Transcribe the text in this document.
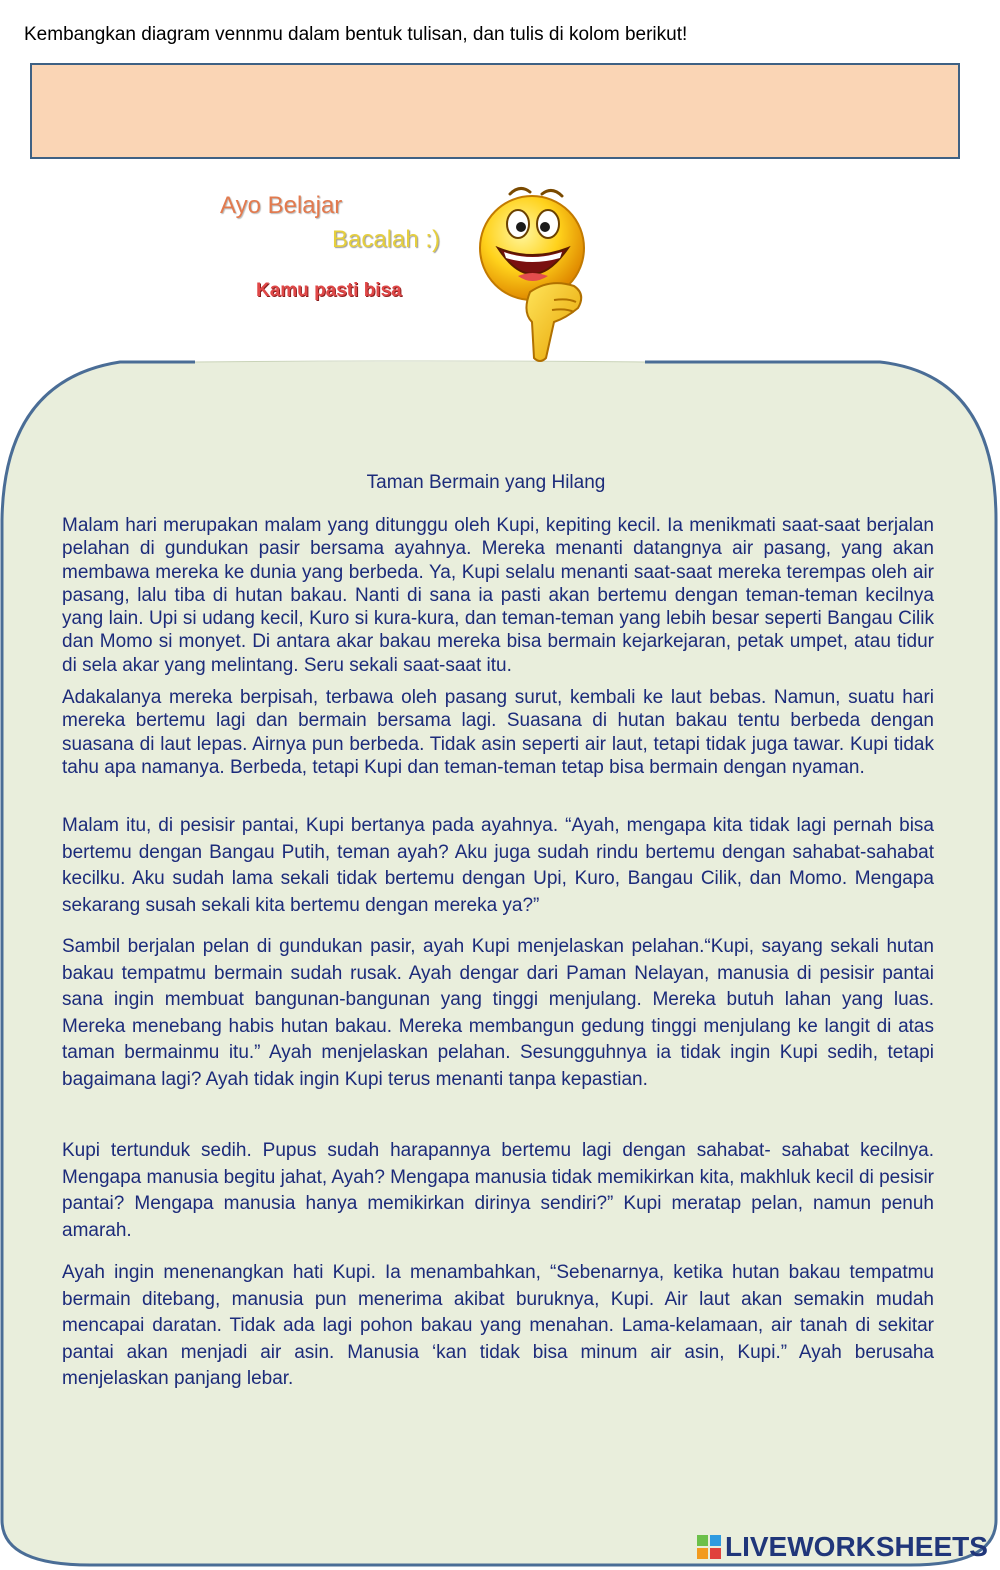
Kembangkan diagram vennmu dalam bentuk tulisan, dan tulis di kolom berikut!
Ayo Belajar
Bacalah :)
Kamu pasti bisa
Taman Bermain yang Hilang

Malam hari merupakan malam yang ditunggu oleh Kupi, kepiting kecil. Ia menikmati saat-saat berjalan pelahan di gundukan pasir bersama ayahnya. Mereka menanti datangnya air pasang, yang akan membawa mereka ke dunia yang berbeda. Ya, Kupi selalu menanti saat-saat mereka terempas oleh air pasang, lalu tiba di hutan bakau. Nanti di sana ia pasti akan bertemu dengan teman-teman kecilnya yang lain. Upi si udang kecil, Kuro si kura-kura, dan teman-teman yang lebih besar seperti Bangau Cilik dan Momo si monyet. Di antara akar bakau mereka bisa bermain kejarkejaran, petak umpet, atau tidur di sela akar yang melintang. Seru sekali saat-saat itu.

Adakalanya mereka berpisah, terbawa oleh pasang surut, kembali ke laut bebas. Namun, suatu hari mereka bertemu lagi dan bermain bersama lagi. Suasana di hutan bakau tentu berbeda dengan suasana di laut lepas. Airnya pun berbeda. Tidak asin seperti air laut, tetapi tidak juga tawar. Kupi tidak tahu apa namanya. Berbeda, tetapi Kupi dan teman-teman tetap bisa bermain dengan nyaman.

Malam itu, di pesisir pantai, Kupi bertanya pada ayahnya. “Ayah, mengapa kita tidak lagi pernah bisa bertemu dengan Bangau Putih, teman ayah? Aku juga sudah rindu bertemu dengan sahabat-sahabat kecilku. Aku sudah lama sekali tidak bertemu dengan Upi, Kuro, Bangau Cilik, dan Momo. Mengapa sekarang susah sekali kita bertemu dengan mereka ya?”

Sambil berjalan pelan di gundukan pasir, ayah Kupi menjelaskan pelahan.“Kupi, sayang sekali hutan bakau tempatmu bermain sudah rusak. Ayah dengar dari Paman Nelayan, manusia di pesisir pantai sana ingin membuat bangunan-bangunan yang tinggi menjulang. Mereka butuh lahan yang luas. Mereka menebang habis hutan bakau. Mereka membangun gedung tinggi menjulang ke langit di atas taman bermainmu itu.” Ayah menjelaskan pelahan. Sesungguhnya ia tidak ingin Kupi sedih, tetapi bagaimana lagi? Ayah tidak ingin Kupi terus menanti tanpa kepastian.

Kupi tertunduk sedih. Pupus sudah harapannya bertemu lagi dengan sahabat- sahabat kecilnya. Mengapa manusia begitu jahat, Ayah? Mengapa manusia tidak memikirkan kita, makhluk kecil di pesisir pantai? Mengapa manusia hanya memikirkan dirinya sendiri?” Kupi meratap pelan, namun penuh amarah.

Ayah ingin menenangkan hati Kupi. Ia menambahkan, “Sebenarnya, ketika hutan bakau tempatmu bermain ditebang, manusia pun menerima akibat buruknya, Kupi. Air laut akan semakin mudah mencapai daratan. Tidak ada lagi pohon bakau yang menahan. Lama-kelamaan, air tanah di sekitar pantai akan menjadi air asin. Manusia ‘kan tidak bisa minum air asin, Kupi.” Ayah berusaha menjelaskan panjang lebar.

LIVEWORKSHEETS
